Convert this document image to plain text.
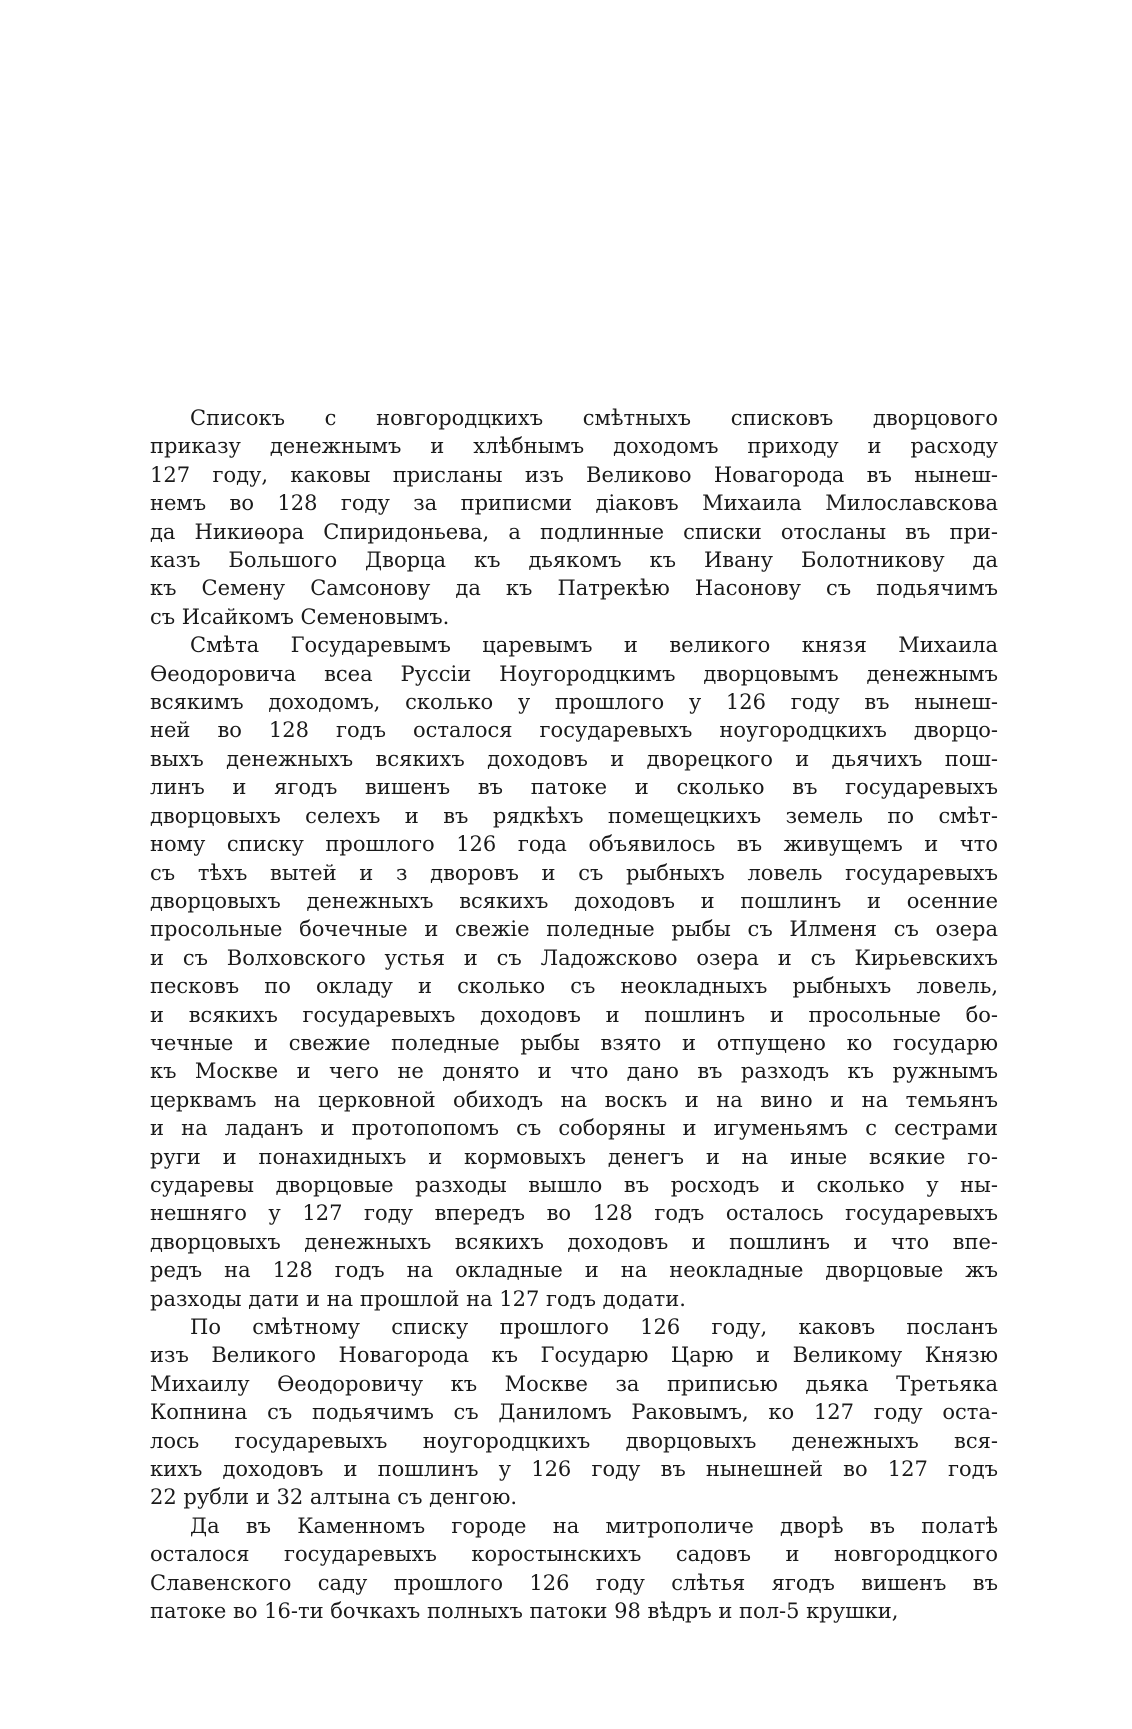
Списокъ с новгородцкихъ смѣтныхъ списковъ дворцового
приказу денежнымъ и хлѣбнымъ доходомъ приходу и расходу
127 году, каковы присланы изъ Великово Новагорода въ нынеш-
немъ во 128 году за приписми дiаковъ Михаила Милославскова
да Никиѳора Спиридоньева, а подлинные списки отосланы въ при-
казъ Большого Дворца къ дьякомъ къ Ивану Болотникову да
къ Семену Самсонову да къ Патрекѣю Насонову съ подьячимъ
съ Исайкомъ Семеновымъ.
Смѣта Государевымъ царевымъ и великого князя Михаила
Ѳеодоровича всеа Руссiи Ноугородцкимъ дворцовымъ денежнымъ
всякимъ доходомъ, сколько у прошлого у 126 году въ нынеш-
ней во 128 годъ осталося государевыхъ ноугородцкихъ дворцо-
выхъ денежныхъ всякихъ доходовъ и дворецкого и дьячихъ пош-
линъ и ягодъ вишенъ въ патоке и сколько въ государевыхъ
дворцовыхъ селехъ и въ рядкѣхъ помещецкихъ земель по смѣт-
ному списку прошлого 126 года объявилось въ живущемъ и что
съ тѣхъ вытей и з дворовъ и съ рыбныхъ ловель государевыхъ
дворцовыхъ денежныхъ всякихъ доходовъ и пошлинъ и осенние
просольные бочечные и свежiе поледные рыбы съ Илменя съ озера
и съ Волховского устья и съ Ладожсково озера и съ Кирьевскихъ
песковъ по окладу и сколько съ неокладныхъ рыбныхъ ловель,
и всякихъ государевыхъ доходовъ и пошлинъ и просольные бо-
чечные и свежие поледные рыбы взято и отпущено ко государю
къ Москве и чего не донято и что дано въ разходъ къ ружнымъ
церквамъ на церковной обиходъ на воскъ и на вино и на темьянъ
и на ладанъ и протопопомъ съ соборяны и игуменьямъ с сестрами
руги и понахидныхъ и кормовыхъ денегъ и на иные всякие го-
сударевы дворцовые разходы вышло въ росходъ и сколько у ны-
нешняго у 127 году впередъ во 128 годъ осталось государевыхъ
дворцовыхъ денежныхъ всякихъ доходовъ и пошлинъ и что впе-
редъ на 128 годъ на окладные и на неокладные дворцовые жъ
разходы дати и на прошлой на 127 годъ додати.
По смѣтному списку прошлого 126 году, каковъ посланъ
изъ Великого Новагорода къ Государю Царю и Великому Князю
Михаилу Ѳеодоровичу къ Москве за приписью дьяка Третьяка
Копнина съ подьячимъ съ Даниломъ Раковымъ, ко 127 году оста-
лось государевыхъ ноугородцкихъ дворцовыхъ денежныхъ вся-
кихъ доходовъ и пошлинъ у 126 году въ нынешней во 127 годъ
22 рубли и 32 алтына съ денгою.
Да въ Каменномъ городе на митрополиче дворѣ въ полатѣ
осталося государевыхъ коростынскихъ садовъ и новгородцкого
Славенского саду прошлого 126 году слѣтья ягодъ вишенъ въ
патоке во 16-ти бочкахъ полныхъ патоки 98 вѣдръ и пол-5 крушки,
